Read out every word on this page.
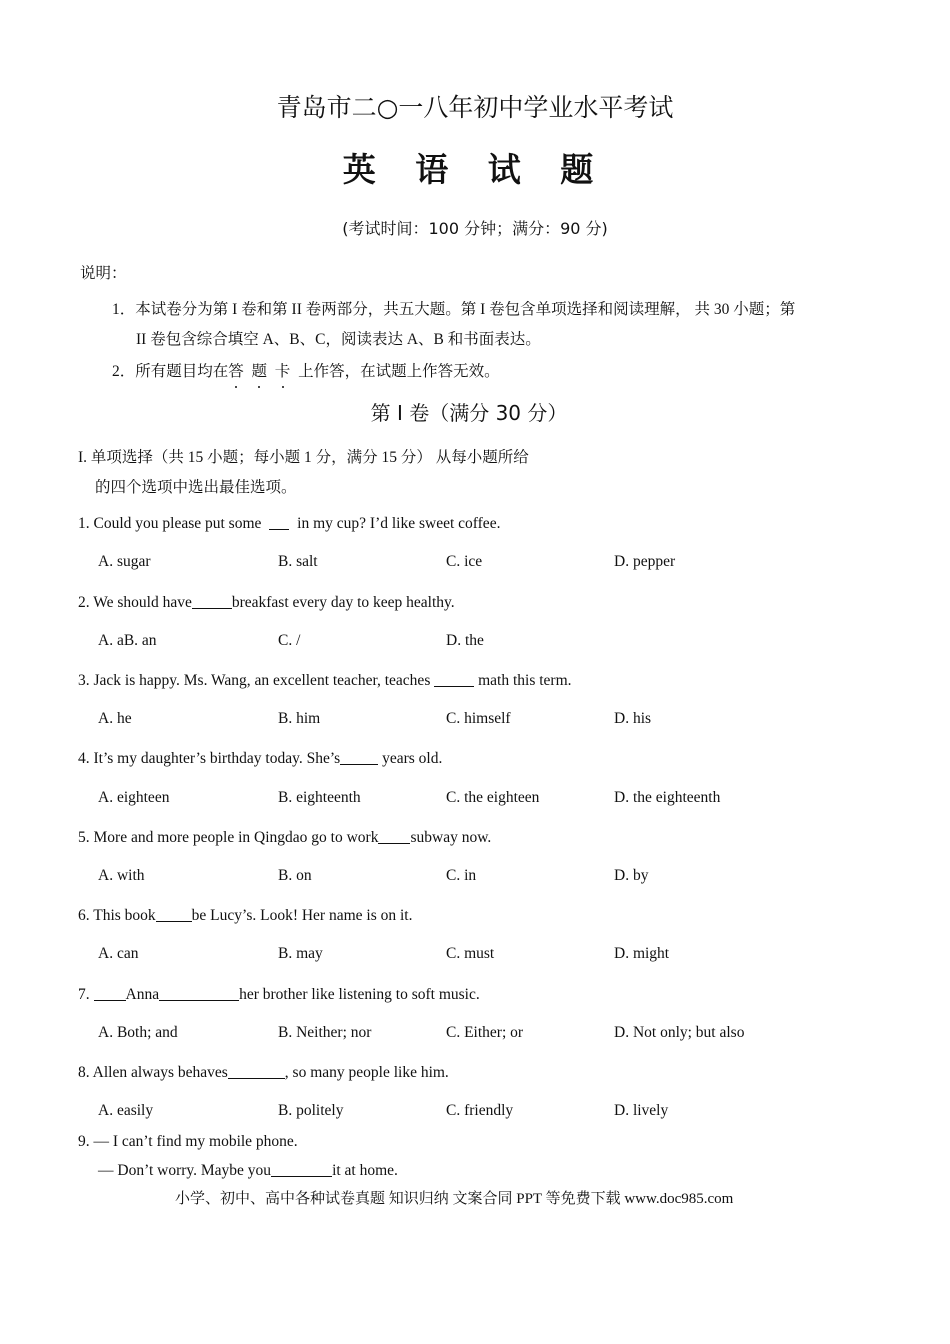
青岛市二○一八年初中学业水平考试
英 语 试 题
(考试时间：100 分钟；满分：90 分)
说明：
1．本试卷分为第 I 卷和第 II 卷两部分，共五大题。第 I 卷包含单项选择和阅读理解， 共 30 小题；第
II 卷包含综合填空 A、B、C，阅读表达 A、B 和书面表达。
2．所有题目均在答 题 卡 上作答，在试题上作答无效。
第 I 卷（满分 30 分）
I. 单项选择（共 15 小题；每小题 1 分，满分 15 分） 从每小题所给
的四个选项中选出最佳选项。
1. Could you please put some  in my cup? I’d like sweet coffee.
A. sugar	B. salt	C. ice	D. pepper
2. We should have	breakfast every day to keep healthy.
A. aB. an	C. /	D. the
3. Jack is happy. Ms. Wang, an excellent teacher, teaches	math this term.
A. he	B. him	C. himself	D. his
4. It’s my daughter’s birthday today. She’s years old.
A. eighteen	B. eighteenth	C. the eighteen	D. the eighteenth
5. More and more people in Qingdao go to work subway now.
A. with	B. on	C. in	D. by
6. This book be Lucy’s. Look! Her name is on it.
A. can	B. may	C. must	D. might
7. Anna	her brother like listening to soft music.
A. Both; and	B. Neither; nor	C. Either; or	D. Not only; but also
8. Allen always behaves	, so many people like him.
A. easily	B. politely	C. friendly	D. lively
9. — I can’t find my mobile phone.
— Don’t worry. Maybe you	it at home.
小学、初中、高中各种试卷真题 知识归纳 文案合同 PPT 等免费下载 www.doc985.com
